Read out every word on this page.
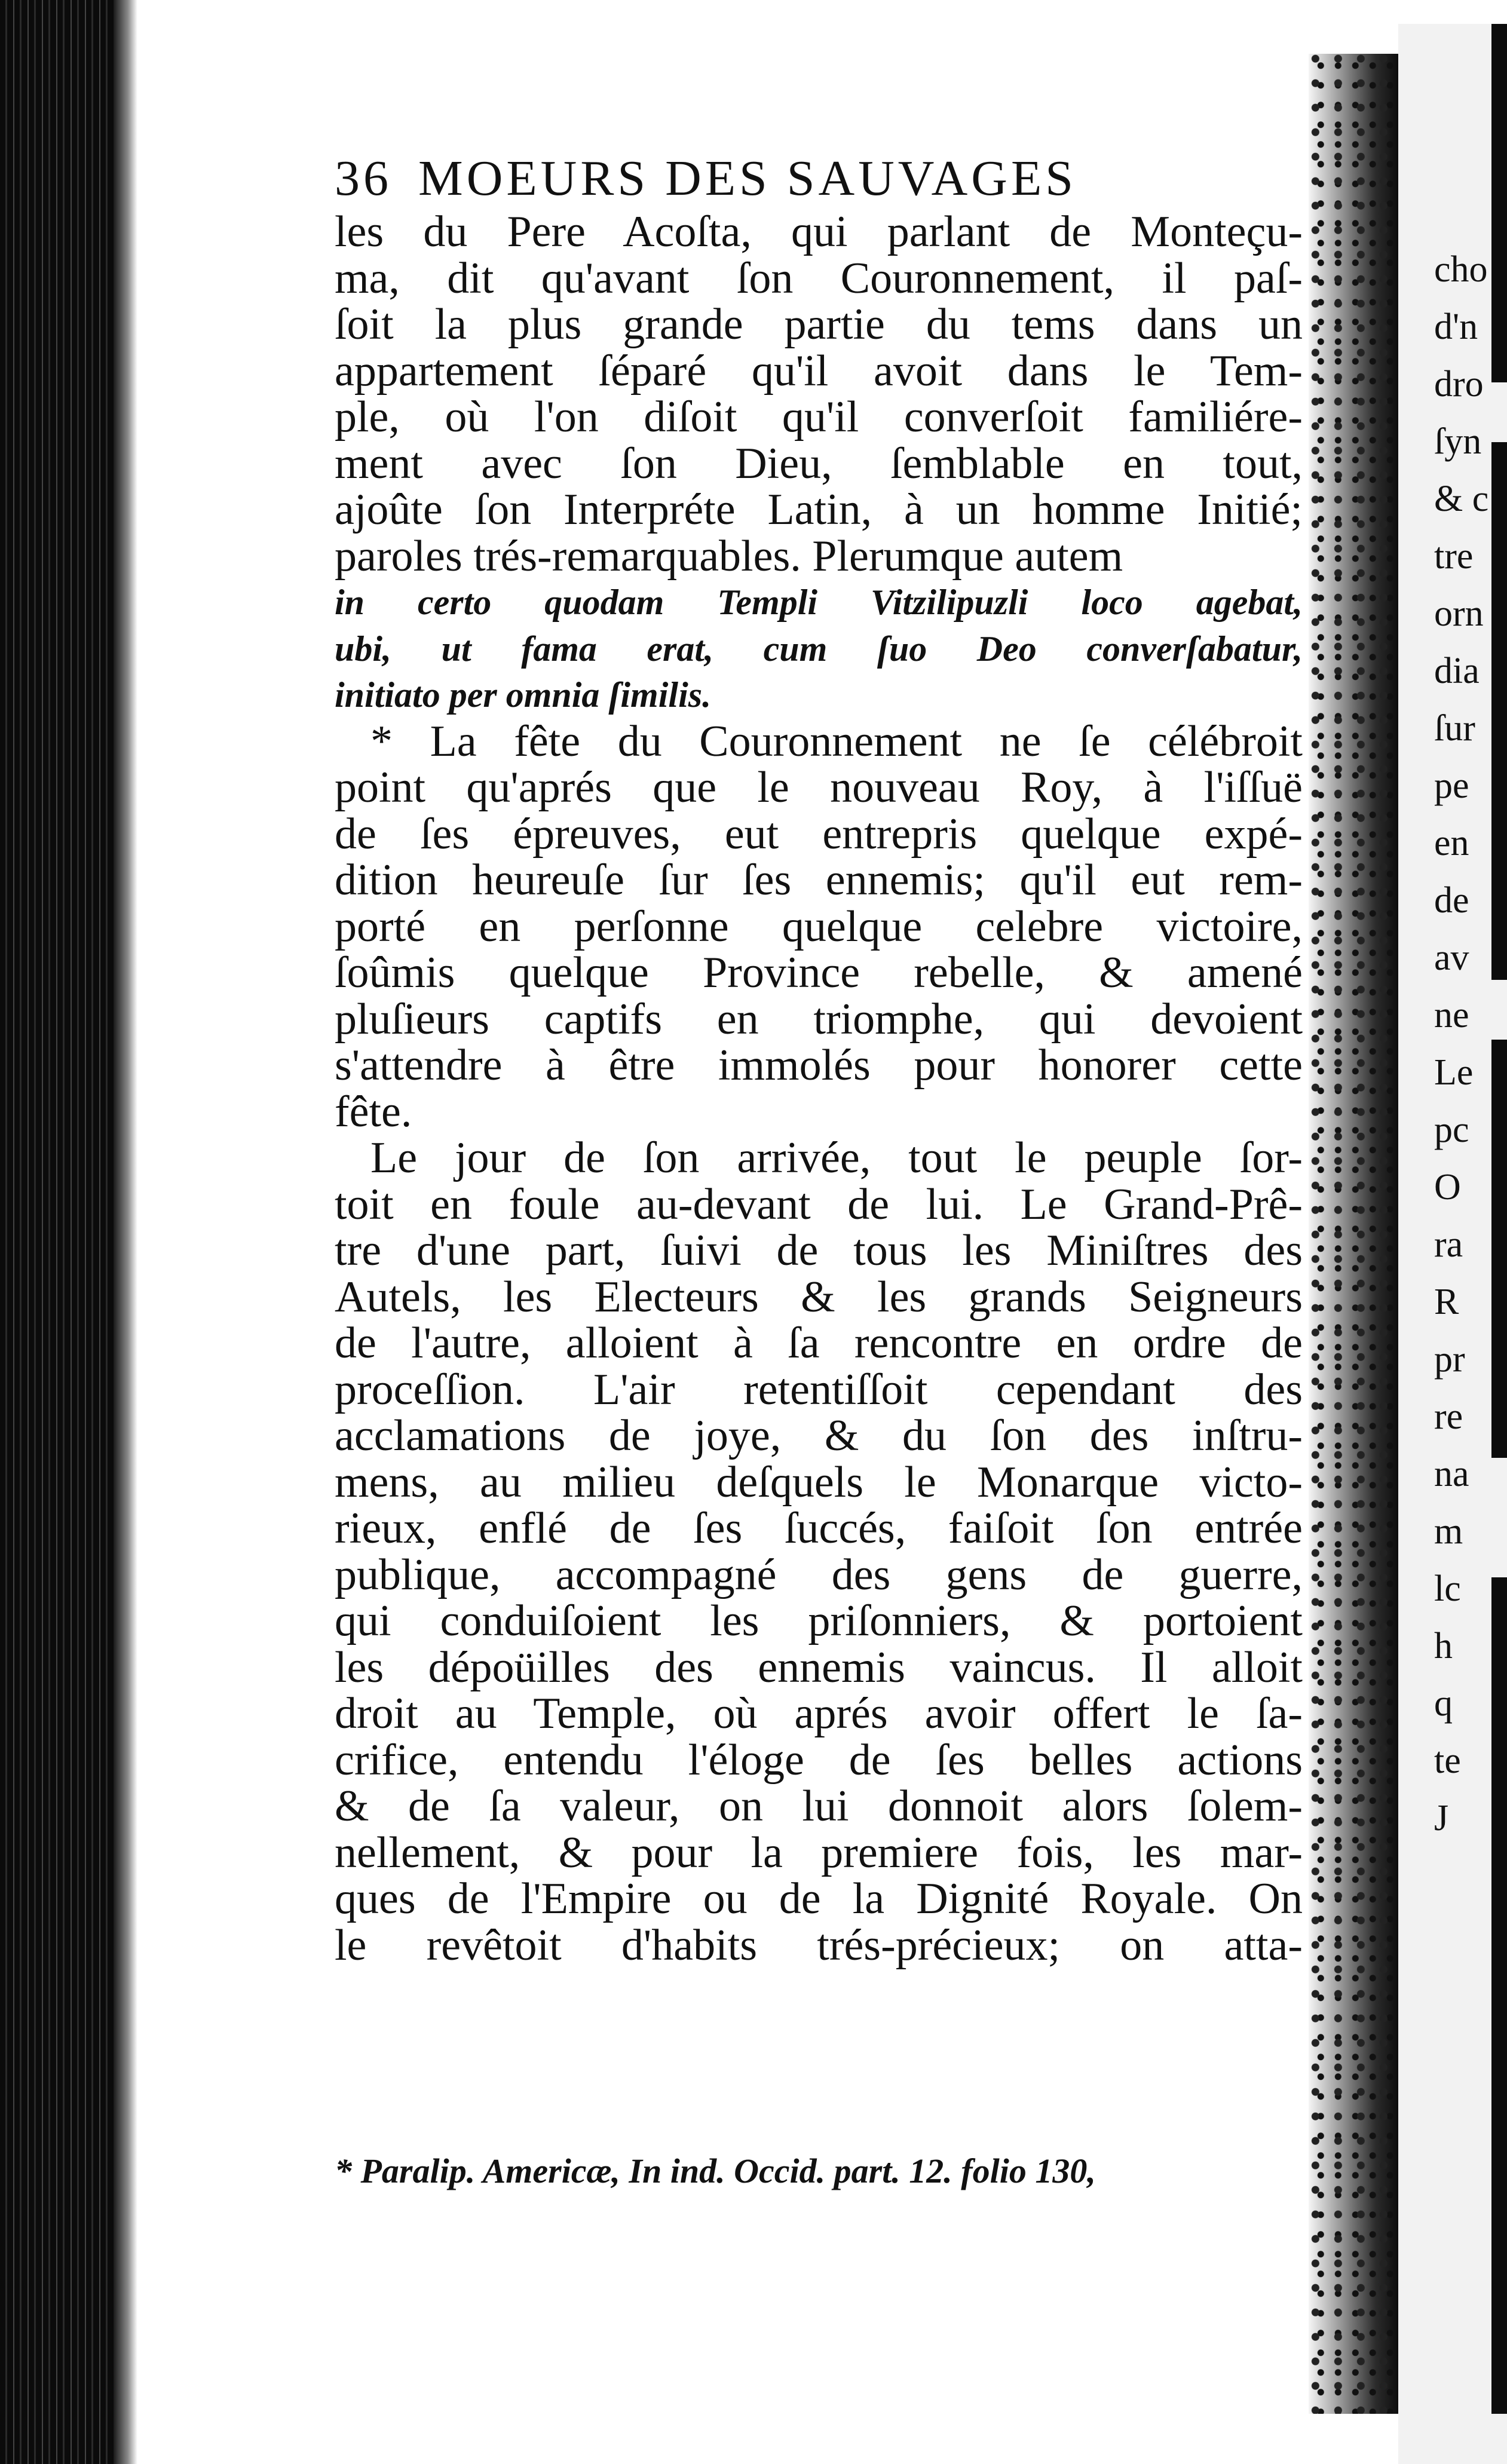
36 MOEURS DES SAUVAGES
les du Pere Acoſta, qui parlant de Monteçu-
ma, dit qu'avant ſon Couronnement, il paſ-
ſoit la plus grande partie du tems dans un
appartement ſéparé qu'il avoit dans le Tem-
ple, où l'on diſoit qu'il converſoit familiére-
ment avec ſon Dieu, ſemblable en tout,
ajoûte ſon Interpréte Latin, à un homme Initié;
paroles trés-remarquables. Plerumque autem
in certo quodam Templi Vitzilipuzli loco agebat,
ubi, ut fama erat, cum ſuo Deo converſabatur,
initiato per omnia ſimilis.
* La fête du Couronnement ne ſe célébroit
point qu'aprés que le nouveau Roy, à l'iſſuë
de ſes épreuves, eut entrepris quelque expé-
dition heureuſe ſur ſes ennemis; qu'il eut rem-
porté en perſonne quelque celebre victoire,
ſoûmis quelque Province rebelle, & amené
pluſieurs captifs en triomphe, qui devoient
s'attendre à être immolés pour honorer cette
fête.
Le jour de ſon arrivée, tout le peuple ſor-
toit en foule au-devant de lui. Le Grand-Prê-
tre d'une part, ſuivi de tous les Miniſtres des
Autels, les Electeurs & les grands Seigneurs
de l'autre, alloient à ſa rencontre en ordre de
proceſſion. L'air retentiſſoit cependant des
acclamations de joye, & du ſon des inſtru-
mens, au milieu deſquels le Monarque victo-
rieux, enflé de ſes ſuccés, faiſoit ſon entrée
publique, accompagné des gens de guerre,
qui conduiſoient les priſonniers, & portoient
les dépoüilles des ennemis vaincus. Il alloit
droit au Temple, où aprés avoir offert le ſa-
crifice, entendu l'éloge de ſes belles actions
& de ſa valeur, on lui donnoit alors ſolem-
nellement, & pour la premiere fois, les mar-
ques de l'Empire ou de la Dignité Royale. On
le revêtoit d'habits trés-précieux; on atta-
* Paralip. Americæ, In ind. Occid. part. 12. folio 130,
cho
d'n
dro
ſyn
& c
tre
orn
dia
ſur
pe
en
de
av
ne
Le
pc
O
ra
R
pr
re
na
m
lc
h
q
te
J
